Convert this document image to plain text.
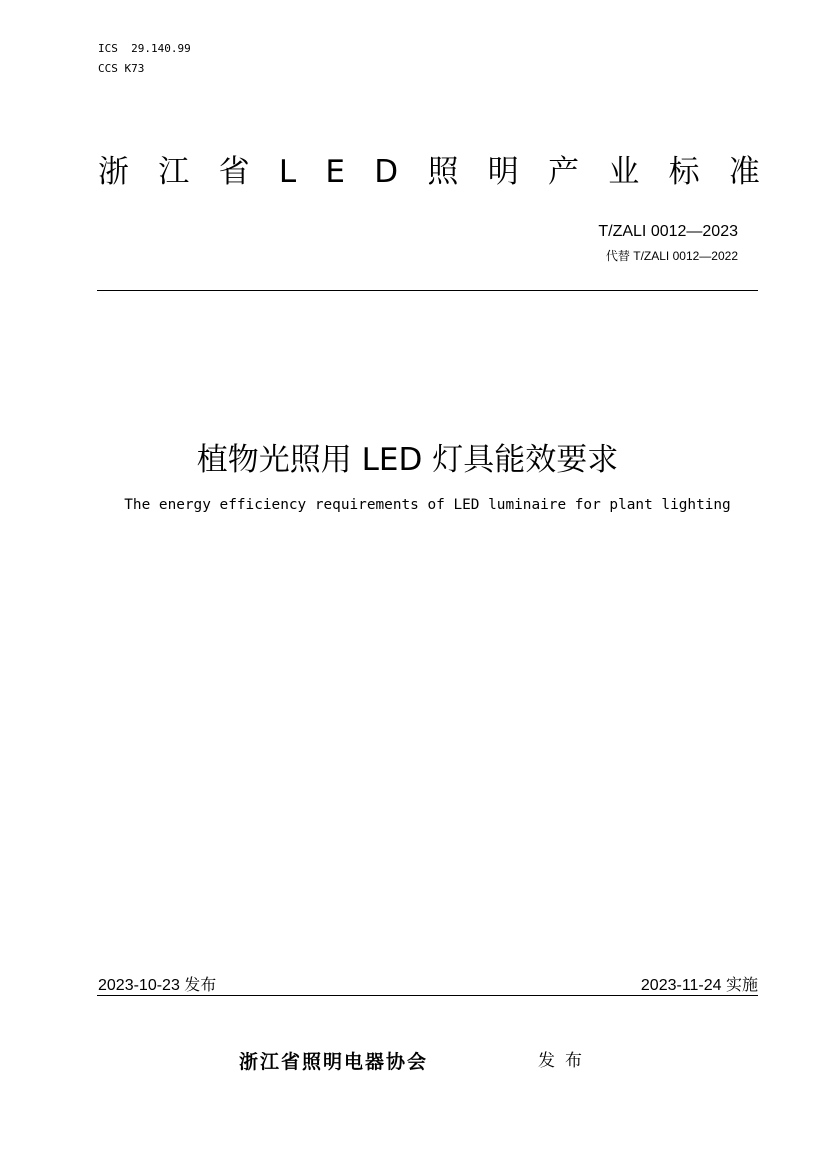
ICS  29.140.99
CCS K73
浙 江 省 L E D 照 明 产 业 标 准
T/ZALI 0012—2023
代替 T/ZALI 0012—2022
植物光照用 LED 灯具能效要求
The energy efficiency requirements of LED luminaire for plant lighting
2023-10-23 发布	2023-11-24 实施
浙江省照明电器协会	发布
